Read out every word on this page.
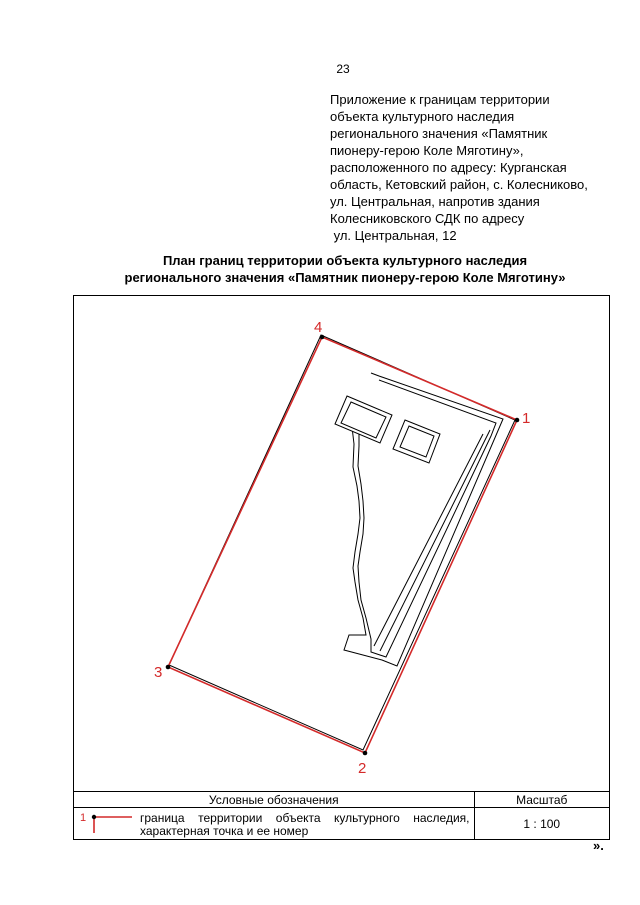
23
Приложение к границам территории
объекта культурного наследия
регионального значения «Памятник
пионеру-герою Коле Мяготину»,
расположенного по адресу: Курганская
область, Кетовский район, с. Колесниково,
ул. Центральная, напротив здания
Колесниковского СДК по адресу
ул. Центральная, 12
План границ территории объекта культурного наследия
регионального значения «Памятник пионеру-герою Коле Мяготину»
1
2
3
4
Условные обозначения	Масштаб

1 граница территории объекта культурного наследия,
характерная точка и ее номер	1 : 100
».
